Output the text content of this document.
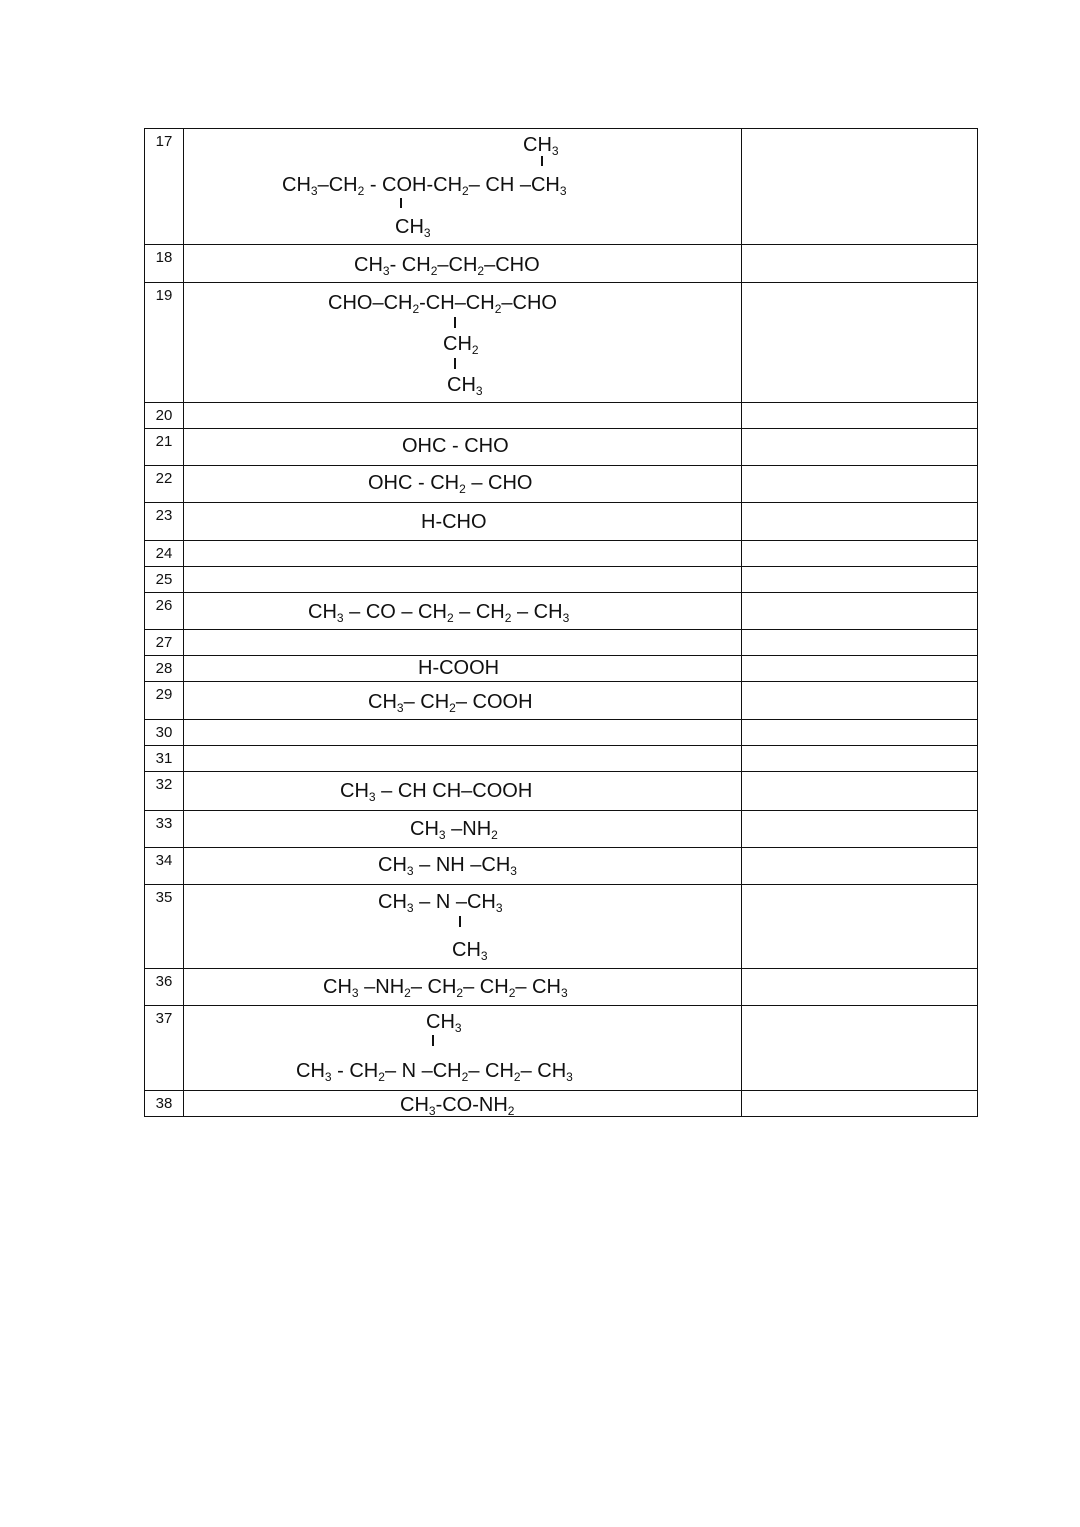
17
18
19
20
21
22
23
24
25
26
27
28
29
30
31
32
33
34
35
36
37
38
$CH_3$
$CH_3-CH_2 - COH-CH_2-$ CH $-CH_3$
$CH_3$
$CH_3-$ $CH_2-CH_2$–CHO
CHO–$CH_2-CH-CH_2$–CHO
$CH_2$
$CH_3$
OHC - CHO
OHC - $CH_2$ – CHO
H-CHO
$CH_3$ – CO – $CH_2 - CH_2 - CH_3$
H-COOH
$CH_3-$ $CH_2-$ COOH
$CH_3$ – CH CH–COOH
$CH_3$ $-NH_2$
$CH_3$ – NH $-CH_3$
$CH_3$ – N $-CH_3$
$CH_3$
$CH_3$ $-NH_2-$ $CH_2-$ $CH_2-$ $CH_3$
$CH_3$
$CH_3 - CH_2-$ N $-CH_2-$ $CH_2-$ $CH_3$
$CH_3-CO-NH_2$
